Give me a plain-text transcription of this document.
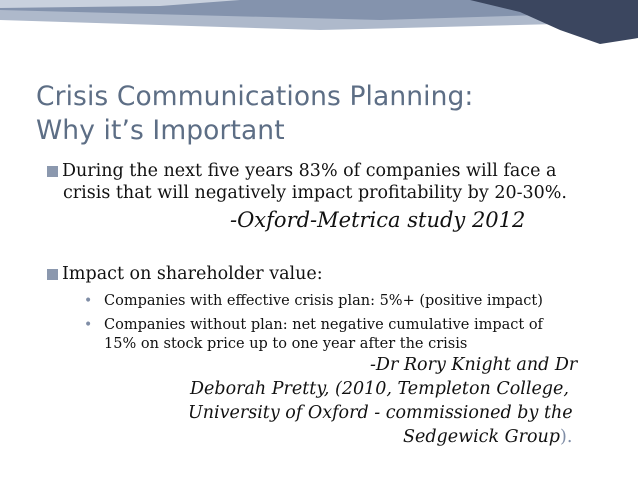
Crisis Communications Planning:
Why it’s Important
During the next five years 83% of companies will face a
crisis that will negatively impact profitability by 20-30%.
-Oxford-Metrica study 2012
Impact on shareholder value:
• Companies with effective crisis plan: 5%+ (positive impact)
• Companies without plan: net negative cumulative impact of
15% on stock price up to one year after the crisis
-Dr Rory Knight and Dr
Deborah Pretty, (2010, Templeton College,
University of Oxford - commissioned by the
Sedgewick Group).
